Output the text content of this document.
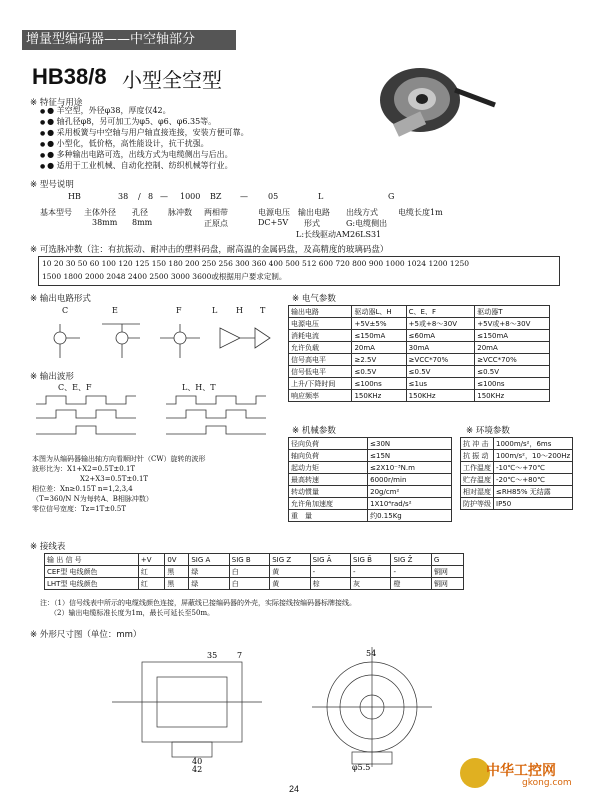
增量型编码器——中空轴部分
HB38/8 小型全空型
※ 特征与用途
● ● 羊空型，外径φ38，厚度仅42。
● ● 轴孔径φ8，另可加工为φ5、φ6、φ6.35等。
● ● 采用板簧与中空轴与用户轴直接连接，安装方便可靠。
● ● 小型化，低价格，高性能设计，抗干扰强。
● ● 多种输出电路可选，出线方式为电缆侧出与后出。
● ● 适用于工业机械、自动化控制、纺织机械等行业。
※ 型号说明
HB	38 / 8 — 1000 BZ —	05	L	G
基本型号 主体外径 孔径	脉冲数 两相带	电源电压 输出电路 出线方式	电缆长度1m
38mm 8mm	正原点	DC+5V 形式	G:电缆侧出
L:长线驱动AM26LS31
※ 可选脉冲数（注：有抗振动、耐冲击的塑料码盘，耐高温的金属码盘，及高精度的玻璃码盘）
10 20 30 50 60 100 120 125 150 180 200 250 256 300 360 400 500 512 600 720 800 900 1000 1024 1200 1250
1500 1800 2000 2048 2400 2500 3000 3600或根据用户要求定制。
※ 输出电路形式
C	E	F	L H T
※ 输出波形
C、E、F	L、H、T
本图为从编码器输出轴方向看顺时针（CW）旋转的波形
波形比为：X1+X2=0.5T±0.1T
X2+X3=0.5T±0.1T
相位差：Xn≥0.15T n=1,2,3,4
（T=360/N N为每转A、B相脉冲数）
零位信号宽度：Tz=1T±0.5T
※ 电气参数
输出电路	驱动器L、H	C、E、F	驱动器T
电源电压	+5V±5%	+5或+8～30V	+5V或+8～30V
消耗电流	≤150mA	≤60mA	≤150mA
允许负载	20mA	30mA	20mA
信号高电平	≥2.5V	≥VCC*70%	≥VCC*70%
信号低电平	≤0.5V	≤0.5V	≤0.5V
上升/下降时间	≤100ns	≤1us	≤100ns
响应频率	150KHz	150KHz	150KHz
※ 机械参数
径向负荷	≤30N
轴向负荷	≤15N
起动力矩	≤2X10⁻³N.m
最高转速	6000r/min
转动惯量	20g/cm²
允许角加速度	1X10⁴rad/s²
重　量	约0.15Kg
※ 环境参数
抗 冲 击	1000m/s²，6ms
抗 振 动	100m/s²，10～200Hz
工作温度	-10℃～+70℃
贮存温度	-20℃～+80℃
相对湿度	≤RH85% 无结露
防护等级	IP50
※ 接线表
输 出 信 号	+V	0V	SIG A	SIG B	SIG Z	SIG Ā	SIG B̄	SIG Z̄	G
CEF型 电线颜色	红	黑	绿	白	黄	-	-	-	铜网
LHT型 电线颜色	红	黑	绿	白	黄	棕	灰	橙	铜网
注：（1）信号线表中所示的电缆线颜色连接，屏蔽线已接编码器的外壳，实际接线按编码器标牌接线。
（2）输出电缆标准长度为1m，最长可延长至50m。
※ 外形尺寸图（单位：mm）
35 7
40
42
54
φ5.5
24
中华工控网
gkong.com
